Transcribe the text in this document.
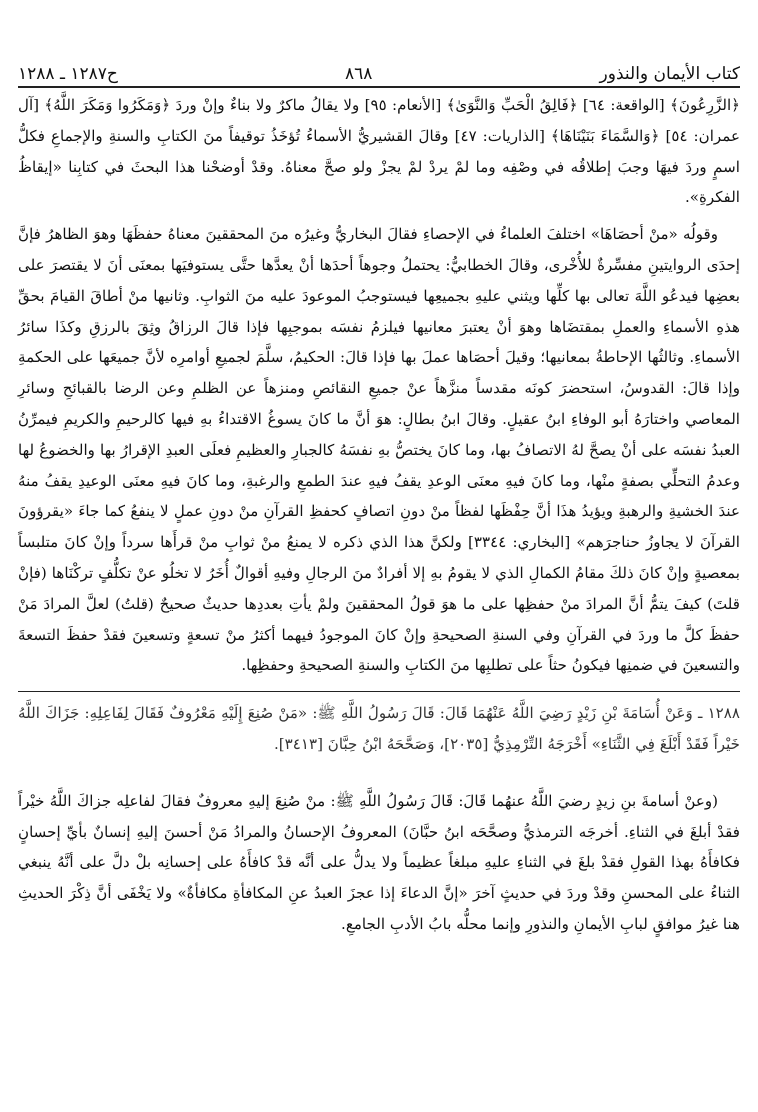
كتاب الأيمان والنذور
٨٦٨
ح١٢٨٧ ـ ١٢٨٨

﴿الزَّرِعُونَ﴾ [الواقعة: ٦٤] ﴿فَالِقُ الْحَبِّ وَالنَّوَىٰ﴾ [الأنعام: ٩٥] ولا يقالُ ماكرٌ ولا بناءٌ وإنْ وردَ ﴿وَمَكَرُوا وَمَكَرَ اللَّهُ﴾ [آل عمران: ٥٤] ﴿وَالسَّمَاءَ بَنَيْنَاهَا﴾ [الذاريات: ٤٧] وقالَ القشيريُّ الأسماءُ تُؤخَذُ توقيفاً منَ الكتابِ والسنةِ والإجماعِ فكلُّ اسمٍ وردَ فيهَا وجبَ إطلاقُه في وصْفِه وما لمْ يردْ لمْ يجزْ ولو صحَّ معناهُ. وقدْ أوضحْنا هذا البحثَ في كتابِنا «إيقاظُ الفكرةِ».

وقولُه «منْ أحصَاهَا» اختلفَ العلماءُ في الإحصاءِ فقالَ البخاريُّ وغيرُه منَ المحققينَ معناهُ حفظَهَا وهوَ الظاهرُ فإنَّ إحدَى الروايتينِ مفسِّرةٌ للأُخْرى، وقالَ الخطابيُّ: يحتملُ وجوهاً أحدَها أنْ يعدَّها حتَّى يستوفيَها بمعنَى أنَ لا يقتصرَ على بعضِها فيدعُو اللَّهَ تعالى بها كلِّها ويثني عليهِ بجميعِها فيستوجبُ الموعودَ عليه منَ الثوابِ. وثانيها منْ أطاقَ القيامَ بحقِّ هذهِ الأسماءِ والعملِ بمقتضَاها وهوَ أنْ يعتبرَ معانيها فيلزمُ نفسَه بموجبِها فإذا قالَ الرزاقُ وثِقَ بالرزقِ وكذَا سائرُ الأسماءِ. وثالثُها الإحاطةُ بمعانيها؛ وقيلَ أحصَاها عملَ بها فإذا قالَ: الحكيمُ، سلَّمَ لجميعِ أوامرِه لأنَّ جميعَها على الحكمةِ وإذا قالَ: القدوسُ، استحضرَ كونَه مقدساً منزَّهاً عنْ جميعِ النقائصِ ومنزهاً عن الظلمِ وعن الرضا بالقبائحِ وسائرِ المعاصي واختارَهُ أبو الوفاءِ ابنُ عقيلٍ. وقالَ ابنُ بطالٍ: هوَ أنَّ ما كانَ يسوغُ الاقتداءُ بهِ فيها كالرحيمِ والكريمِ فيمرِّنُ العبدُ نفسَه على أنْ يصحَّ لهُ الاتصافُ بها، وما كانَ يختصُّ بهِ نفسَهُ كالجبارِ والعظيمِ فعلَى العبدِ الإقرارُ بها والخضوعُ لها وعدمُ التحلِّي بصفةٍ منْها، وما كانَ فيهِ معنَى الوعدِ يقفُ فيهِ عندَ الطمعِ والرغبةِ، وما كانَ فيهِ معنَى الوعيدِ يقفُ منهُ عندَ الخشيةِ والرهبةِ ويؤيدُ هذَا أنَّ حِفْظَها لفظاً منْ دونِ اتصافٍ كحفظِ القرآنِ منْ دونِ عملٍ لا ينفعُ كما جاءَ «يقرؤونَ القرآنَ لا يجاوزُ حناجرَهم» [البخاري: ٣٣٤٤] ولكنَّ هذا الذي ذكره لا يمنعُ منْ ثوابِ منْ قرأَها سرداً وإنْ كانَ متلبساً بمعصيةٍ وإنْ كانَ ذلكَ مقامُ الكمالِ الذي لا يقومُ بهِ إلا أفرادٌ منَ الرجالِ وفيهِ أقوالٌ أُخَرُ لا تخلُو عنْ تكلُّفٍ تركْنَاها (فإنْ قلتَ) كيفَ يتمُّ أنَّ المرادَ منْ حفظِها على ما هوَ قولُ المحققينَ ولمْ يأتِ بعددِها حديثٌ صحيحٌ (قلتُ) لعلَّ المرادَ مَنْ حفظَ كلَّ ما وردَ في القرآنِ وفي السنةِ الصحيحةِ وإنْ كانَ الموجودُ فيهما أكثرُ منْ تسعةٍ وتسعينَ فقدْ حفظَ التسعةَ والتسعينَ في ضمنِها فيكونُ حثاً على تطلبِها منَ الكتابِ والسنةِ الصحيحةِ وحفظِها.

١٢٨٨ ـ وَعَنْ أُسَامَةَ بْنِ زَيْدٍ رَضِيَ اللَّهُ عَنْهُمَا قَالَ: قَالَ رَسُولُ اللَّهِ ﷺ: «مَنْ صُنِعَ إِلَيْهِ مَعْرُوفٌ فَقَالَ لِفَاعِلِهِ: جَزَاكَ اللَّهُ خَيْراً فَقَدْ أَبْلَغَ فِي الثَّنَاءِ» أَخْرَجَهُ التِّرْمِذِيُّ [٢٠٣٥]، وَصَحَّحَهُ ابْنُ حِبَّانَ [٣٤١٣].

(وعنْ أسامةَ بنِ زيدٍ رضيَ اللَّهُ عنهُما قَالَ: قَالَ رَسُولُ اللَّهِ ﷺ: منْ صُنِعَ إليهِ معروفٌ فقالَ لفاعلِه جزاكَ اللَّهُ خيْراً فقدْ أبلغَ في الثناءِ. أخرجَه الترمذيُّ وصحَّحَه ابنُ حبَّانَ) المعروفُ الإحسانُ والمرادُ مَنْ أحسنَ إليهِ إنسانٌ بأيِّ إحسانٍ فكافأَهُ بهذا القولِ فقدْ بلغَ في الثناءِ عليهِ مبلغاً عظيماً ولا يدلُّ على أنَّه قدْ كافأَهُ على إحسانِه بلْ دلَّ على أنَّهُ ينبغي الثناءُ على المحسنِ وقدْ وردَ في حديثٍ آخرَ «إنَّ الدعاءَ إذا عجزَ العبدُ عنِ المكافأةِ مكافأةٌ» ولا يَخْفَى أنَّ ذِكْرَ الحديثِ هنا غيرُ موافقٍ لبابِ الأيمانِ والنذورِ وإنما محلُّه بابُ الأدبِ الجامعِ.
